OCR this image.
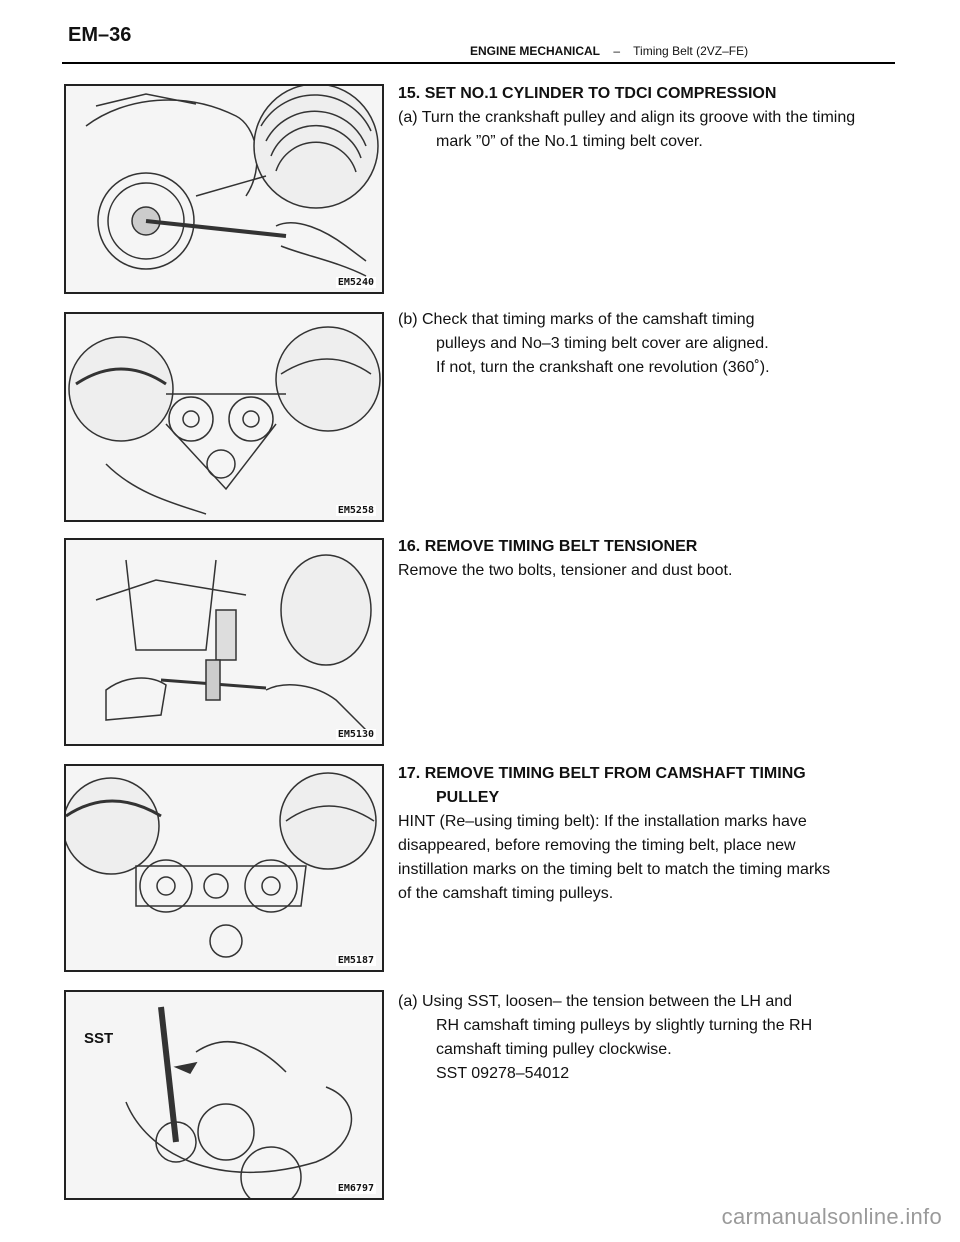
EM–36
ENGINE MECHANICAL – Timing Belt (2VZ–FE)
EM5240

15. SET NO.1 CYLINDER TO TDCI COMPRESSION

(a) Turn the crankshaft pulley and align its groove with the timing

mark ”0” of the No.1 timing belt cover.

EM5258

(b) Check that timing marks of the camshaft timing

pulleys and No–3 timing belt cover are aligned.

If not, turn the crankshaft one revolution (360˚).

EM5130

16. REMOVE TIMING BELT TENSIONER

Remove the two bolts, tensioner and dust boot.

EM5187

17. REMOVE TIMING BELT FROM CAMSHAFT TIMING

PULLEY

HINT (Re–using timing belt): If the installation marks have

disappeared, before removing the timing belt, place new

instillation marks on the timing belt to match the timing marks

of the camshaft timing pulleys.

SST
EM6797

(a) Using SST, loosen– the tension between the LH and

RH camshaft timing pulleys by slightly turning the RH

camshaft timing pulley clockwise.

SST 09278–54012

carmanualsonline.info
